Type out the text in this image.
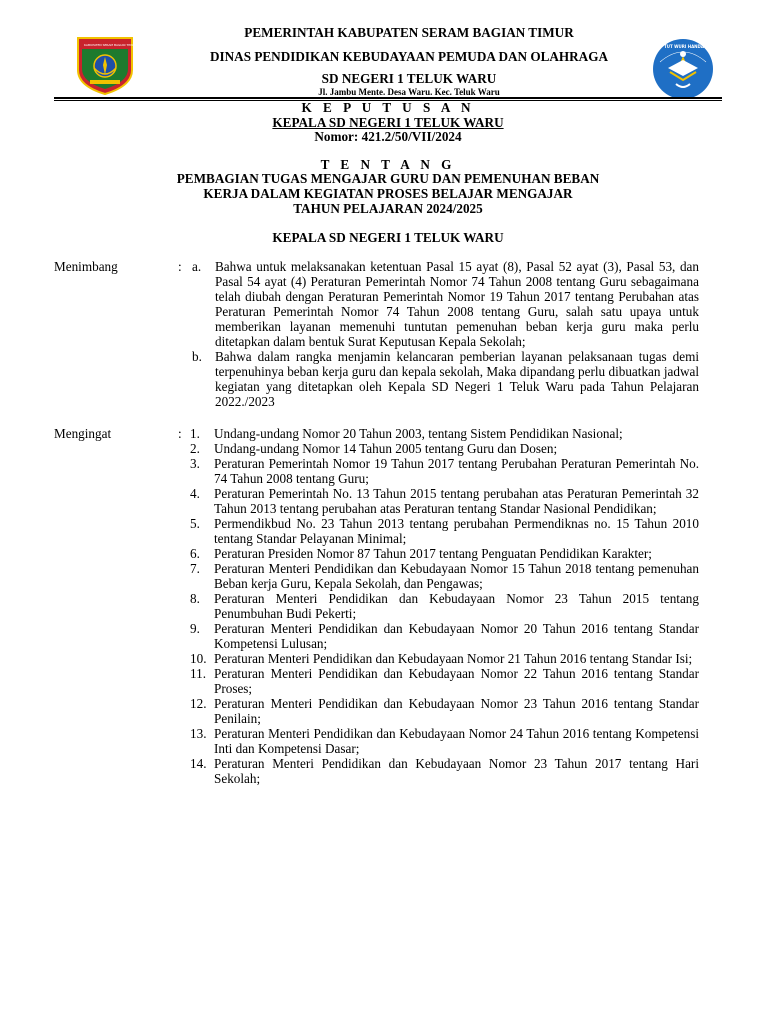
KABUPATEN SERAM BAGIAN TIMUR
PEMERINTAH KABUPATEN SERAM BAGIAN TIMUR
DINAS PENDIDIKAN KEBUDAYAAN PEMUDA DAN OLAHRAGA
SD NEGERI 1 TELUK WARU
Jl. Jambu Mente. Desa Waru. Kec. Teluk Waru
TUT WURI HANDAYANI
K E P U T U S A N
KEPALA SD NEGERI 1 TELUK WARU
Nomor: 421.2/50/VII/2024
T E N T A N G
PEMBAGIAN TUGAS MENGAJAR GURU DAN PEMENUHAN BEBAN
KERJA DALAM KEGIATAN PROSES BELAJAR MENGAJAR
TAHUN PELAJARAN 2024/2025
KEPALA SD NEGERI 1 TELUK WARU
Menimbang	: a.	Bahwa untuk melaksanakan ketentuan Pasal 15 ayat (8), Pasal 52 ayat (3), Pasal 53, dan Pasal 54 ayat (4) Peraturan Pemerintah Nomor 74 Tahun 2008 tentang Guru sebagaimana telah diubah dengan Peraturan Pemerintah Nomor 19 Tahun 2017 tentang Perubahan atas Peraturan Pemerintah Nomor 74 Tahun 2008 tentang Guru, salah satu upaya untuk memberikan layanan memenuhi tuntutan pemenuhan beban kerja guru maka perlu ditetapkan dalam bentuk Surat Keputusan Kepala Sekolah;
b. Bahwa dalam rangka menjamin kelancaran pemberian layanan pelaksanaan tugas demi terpenuhinya beban kerja guru dan kepala sekolah, Maka dipandang perlu dibuatkan jadwal kegiatan yang ditetapkan oleh Kepala SD Negeri 1 Teluk Waru pada Tahun Pelajaran 2022./2023
Mengingat	: 1.	Undang-undang Nomor 20 Tahun 2003, tentang Sistem Pendidikan Nasional;
2.	Undang-undang Nomor 14 Tahun 2005 tentang Guru dan Dosen;
3.	Peraturan Pemerintah Nomor 19 Tahun 2017 tentang Perubahan Peraturan Pemerintah No. 74 Tahun 2008 tentang Guru;
4.	Peraturan Pemerintah No. 13 Tahun 2015 tentang perubahan atas Peraturan Pemerintah 32 Tahun 2013 tentang perubahan atas Peraturan tentang Standar Nasional Pendidikan;
5.	Permendikbud No. 23 Tahun 2013 tentang perubahan Permendiknas no. 15 Tahun 2010 tentang Standar Pelayanan Minimal;
6.	Peraturan Presiden Nomor 87 Tahun 2017 tentang Penguatan Pendidikan Karakter;
7.	Peraturan Menteri Pendidikan dan Kebudayaan Nomor 15 Tahun 2018 tentang pemenuhan Beban kerja Guru, Kepala Sekolah, dan Pengawas;
8.	Peraturan Menteri Pendidikan dan Kebudayaan Nomor 23 Tahun 2015 tentang Penumbuhan Budi Pekerti;
9.	Peraturan Menteri Pendidikan dan Kebudayaan Nomor 20 Tahun 2016 tentang Standar Kompetensi Lulusan;
10. Peraturan Menteri Pendidikan dan Kebudayaan Nomor 21 Tahun 2016 tentang Standar Isi;
11. Peraturan Menteri Pendidikan dan Kebudayaan Nomor 22 Tahun 2016 tentang Standar Proses;
12. Peraturan Menteri Pendidikan dan Kebudayaan Nomor 23 Tahun 2016 tentang Standar Penilain;
13. Peraturan Menteri Pendidikan dan Kebudayaan Nomor 24 Tahun 2016 tentang Kompetensi Inti dan Kompetensi Dasar;
14. Peraturan Menteri Pendidikan dan Kebudayaan Nomor 23 Tahun 2017 tentang Hari Sekolah;
